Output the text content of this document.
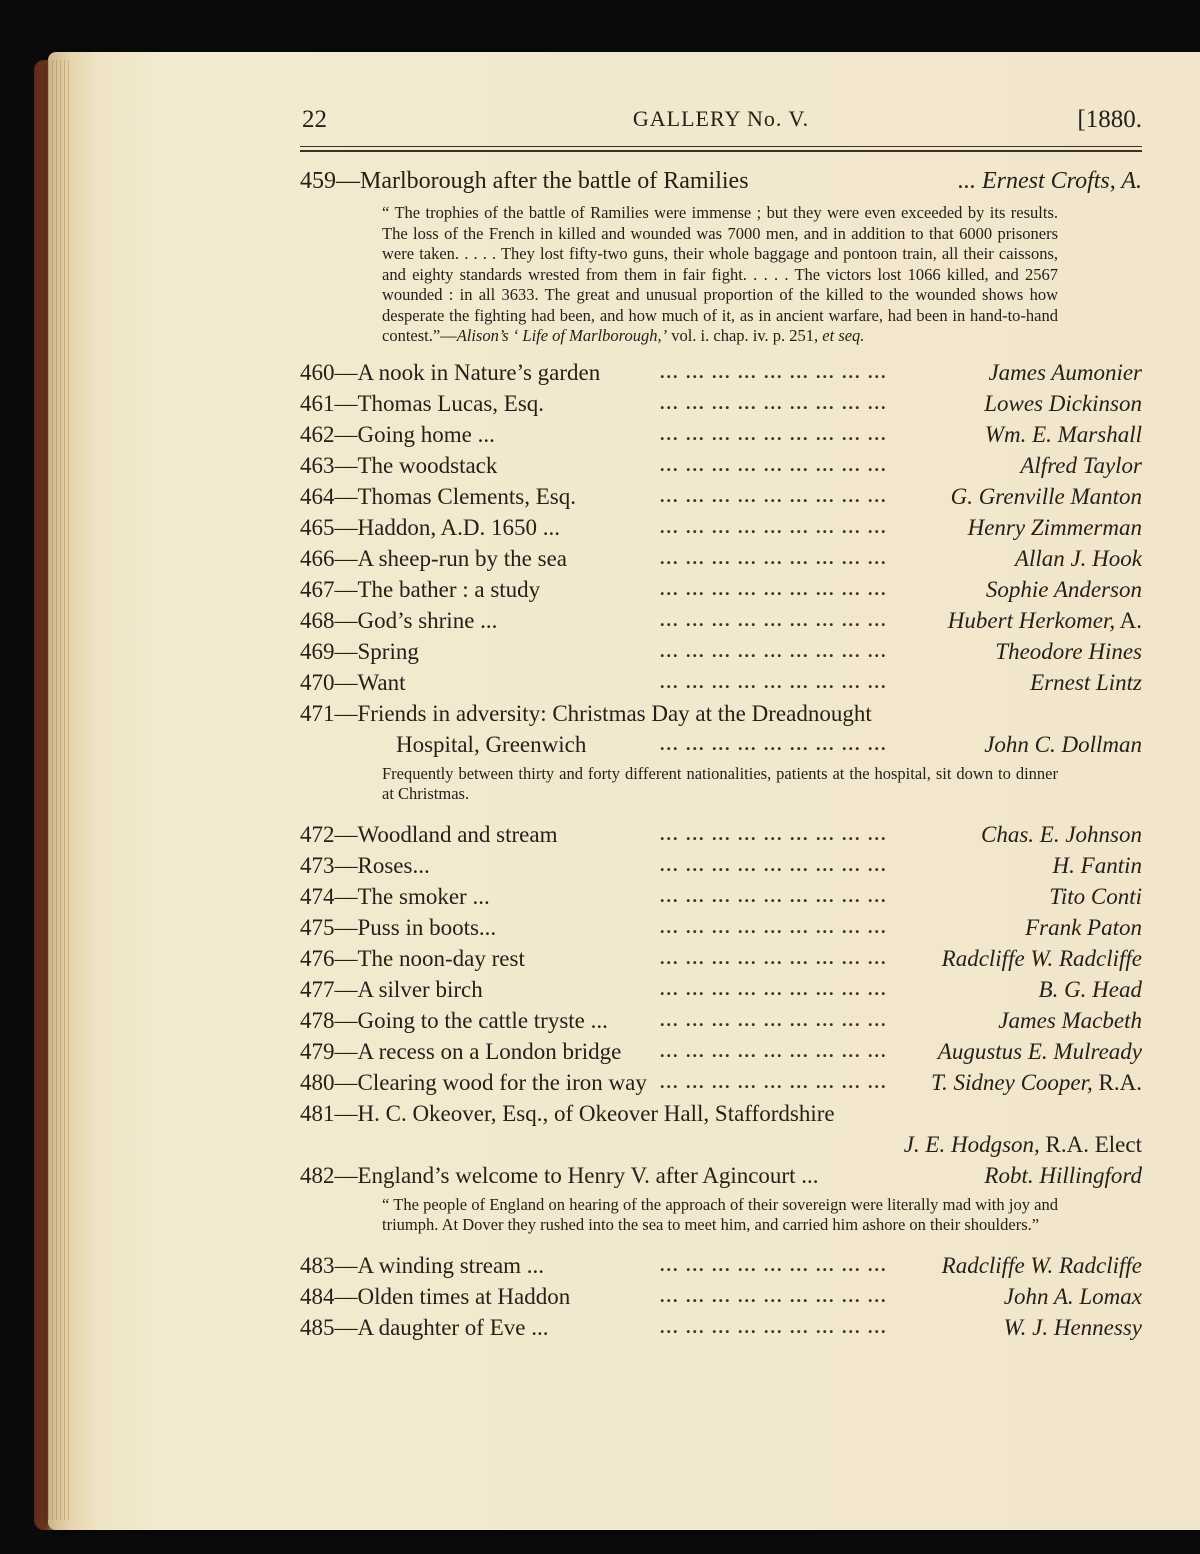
22	GALLERY No. V.	[1880.
459—Marlborough after the battle of Ramilies	... Ernest Crofts, A.
“ The trophies of the battle of Ramilies were immense ; but they were even exceeded by its results. The loss of the French in killed and wounded was 7000 men, and in addition to that 6000 prisoners were taken. . . . . They lost fifty-two guns, their whole baggage and pontoon train, all their caissons, and eighty standards wrested from them in fair fight. . . . . The victors lost 1066 killed, and 2567 wounded : in all 3633. The great and unusual proportion of the killed to the wounded shows how desperate the fighting had been, and how much of it, as in ancient warfare, had been in hand-to-hand contest.”—Alison’s ‘ Life of Marlborough,’ vol. i. chap. iv. p. 251, et seq.
460—A nook in Nature’s garden	... ... ... ... ... ... ... ... ...	James Aumonier
461—Thomas Lucas, Esq.	... ... ... ... ... ... ... ... ...	Lowes Dickinson
462—Going home ...	... ... ... ... ... ... ... ... ...	Wm. E. Marshall
463—The woodstack	... ... ... ... ... ... ... ... ...	Alfred Taylor
464—Thomas Clements, Esq.	... ... ... ... ... ... ... ... ...	G. Grenville Manton
465—Haddon, A.D. 1650 ...	... ... ... ... ... ... ... ... ...	Henry Zimmerman
466—A sheep-run by the sea	... ... ... ... ... ... ... ... ...	Allan J. Hook
467—The bather : a study	... ... ... ... ... ... ... ... ...	Sophie Anderson
468—God’s shrine ...	... ... ... ... ... ... ... ... ...	Hubert Herkomer, A.
469—Spring	... ... ... ... ... ... ... ... ...	Theodore Hines
470—Want	... ... ... ... ... ... ... ... ...	Ernest Lintz
471—Friends in adversity: Christmas Day at the Dreadnought
Hospital, Greenwich	... ... ... ... ... ... ... ... ...	John C. Dollman
Frequently between thirty and forty different nationalities, patients at the hospital, sit down to dinner at Christmas.
472—Woodland and stream	... ... ... ... ... ... ... ... ...	Chas. E. Johnson
473—Roses...	... ... ... ... ... ... ... ... ...	H. Fantin
474—The smoker ...	... ... ... ... ... ... ... ... ...	Tito Conti
475—Puss in boots...	... ... ... ... ... ... ... ... ...	Frank Paton
476—The noon-day rest	... ... ... ... ... ... ... ... ...	Radcliffe W. Radcliffe
477—A silver birch	... ... ... ... ... ... ... ... ...	B. G. Head
478—Going to the cattle tryste ...	... ... ... ... ... ... ... ... ...	James Macbeth
479—A recess on a London bridge ... ... ... ... ... ... ... ... ...	Augustus E. Mulready
480—Clearing wood for the iron way ... ... ... ... ... ... ... ... ...	T. Sidney Cooper, R.A.
481—H. C. Okeover, Esq., of Okeover Hall, Staffordshire
J. E. Hodgson, R.A. Elect
482—England’s welcome to Henry V. after Agincourt ...	Robt. Hillingford
“ The people of England on hearing of the approach of their sovereign were literally mad with joy and triumph. At Dover they rushed into the sea to meet him, and carried him ashore on their shoulders.”
483—A winding stream ...	... ... ... ... ... ... ... ... ...	Radcliffe W. Radcliffe
484—Olden times at Haddon	... ... ... ... ... ... ... ... ...	John A. Lomax
485—A daughter of Eve ...	... ... ... ... ... ... ... ... ...	W. J. Hennessy
